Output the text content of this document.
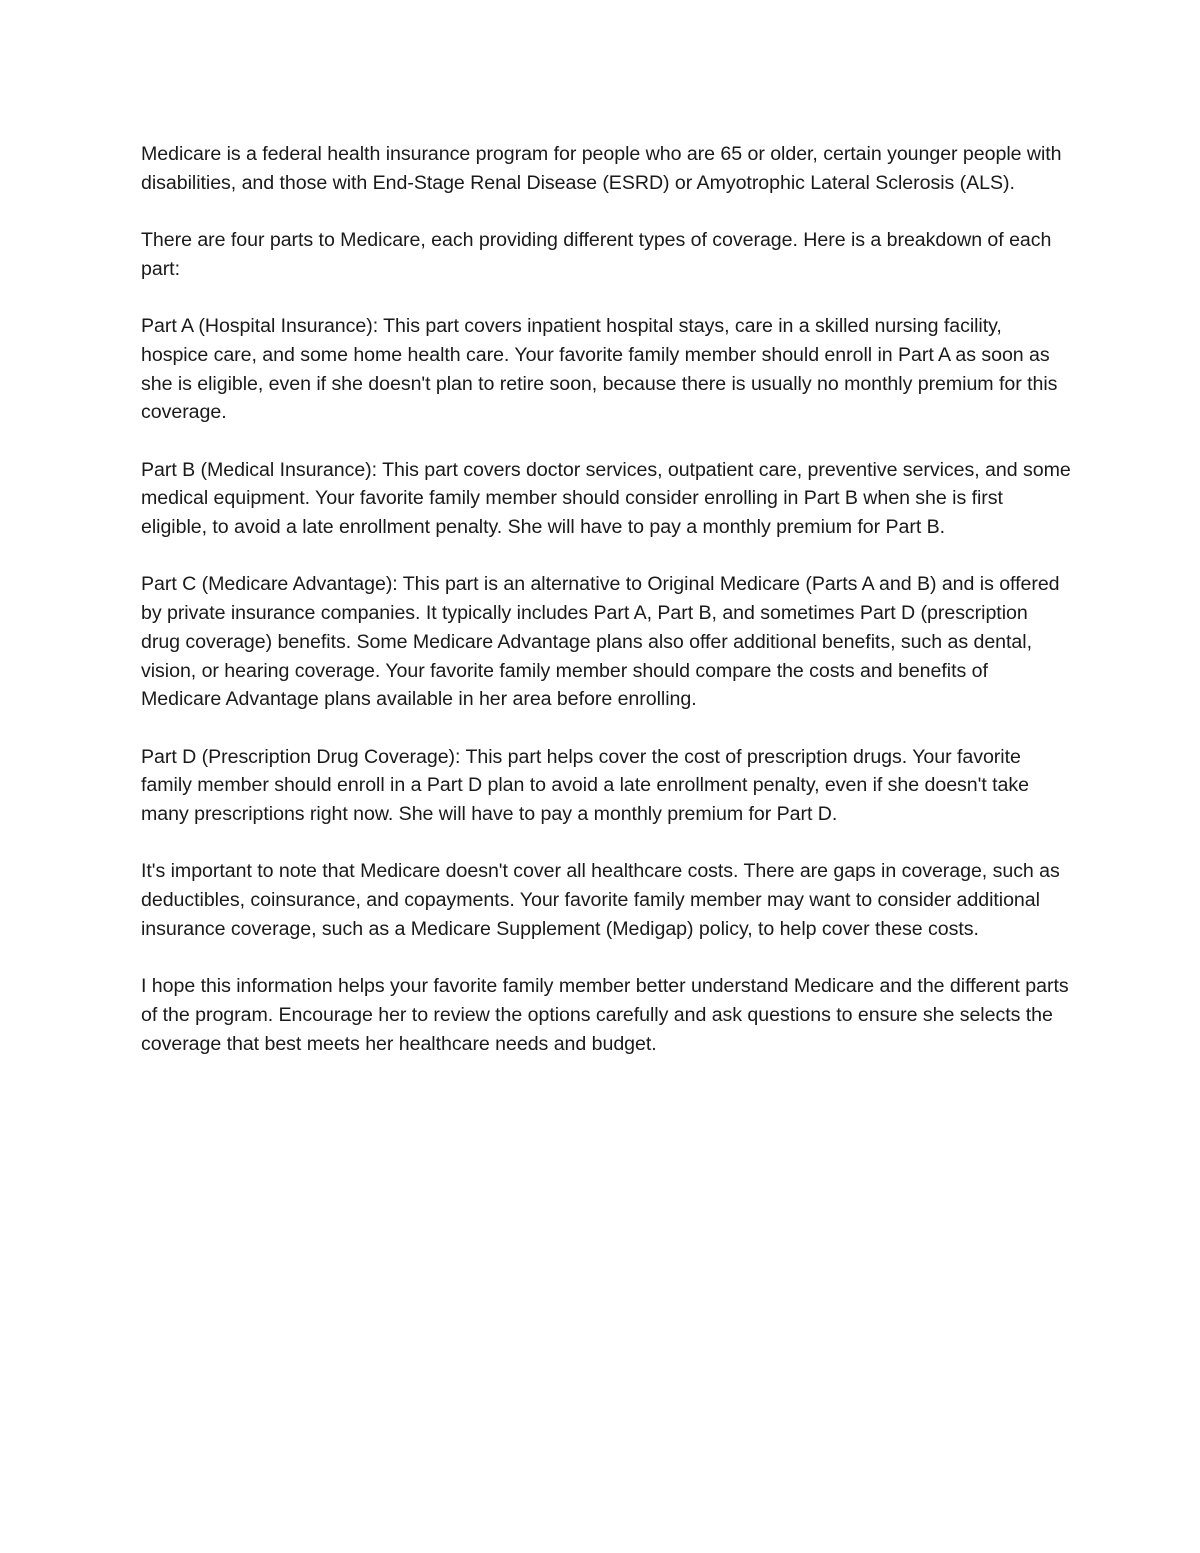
Medicare is a federal health insurance program for people who are 65 or older, certain younger people with disabilities, and those with End-Stage Renal Disease (ESRD) or Amyotrophic Lateral Sclerosis (ALS).

There are four parts to Medicare, each providing different types of coverage. Here is a breakdown of each part:

Part A (Hospital Insurance): This part covers inpatient hospital stays, care in a skilled nursing facility, hospice care, and some home health care. Your favorite family member should enroll in Part A as soon as she is eligible, even if she doesn't plan to retire soon, because there is usually no monthly premium for this coverage.

Part B (Medical Insurance): This part covers doctor services, outpatient care, preventive services, and some medical equipment. Your favorite family member should consider enrolling in Part B when she is first eligible, to avoid a late enrollment penalty. She will have to pay a monthly premium for Part B.

Part C (Medicare Advantage): This part is an alternative to Original Medicare (Parts A and B) and is offered by private insurance companies. It typically includes Part A, Part B, and sometimes Part D (prescription drug coverage) benefits. Some Medicare Advantage plans also offer additional benefits, such as dental, vision, or hearing coverage. Your favorite family member should compare the costs and benefits of Medicare Advantage plans available in her area before enrolling.

Part D (Prescription Drug Coverage): This part helps cover the cost of prescription drugs. Your favorite family member should enroll in a Part D plan to avoid a late enrollment penalty, even if she doesn't take many prescriptions right now. She will have to pay a monthly premium for Part D.

It's important to note that Medicare doesn't cover all healthcare costs. There are gaps in coverage, such as deductibles, coinsurance, and copayments. Your favorite family member may want to consider additional insurance coverage, such as a Medicare Supplement (Medigap) policy, to help cover these costs.

I hope this information helps your favorite family member better understand Medicare and the different parts of the program. Encourage her to review the options carefully and ask questions to ensure she selects the coverage that best meets her healthcare needs and budget.
